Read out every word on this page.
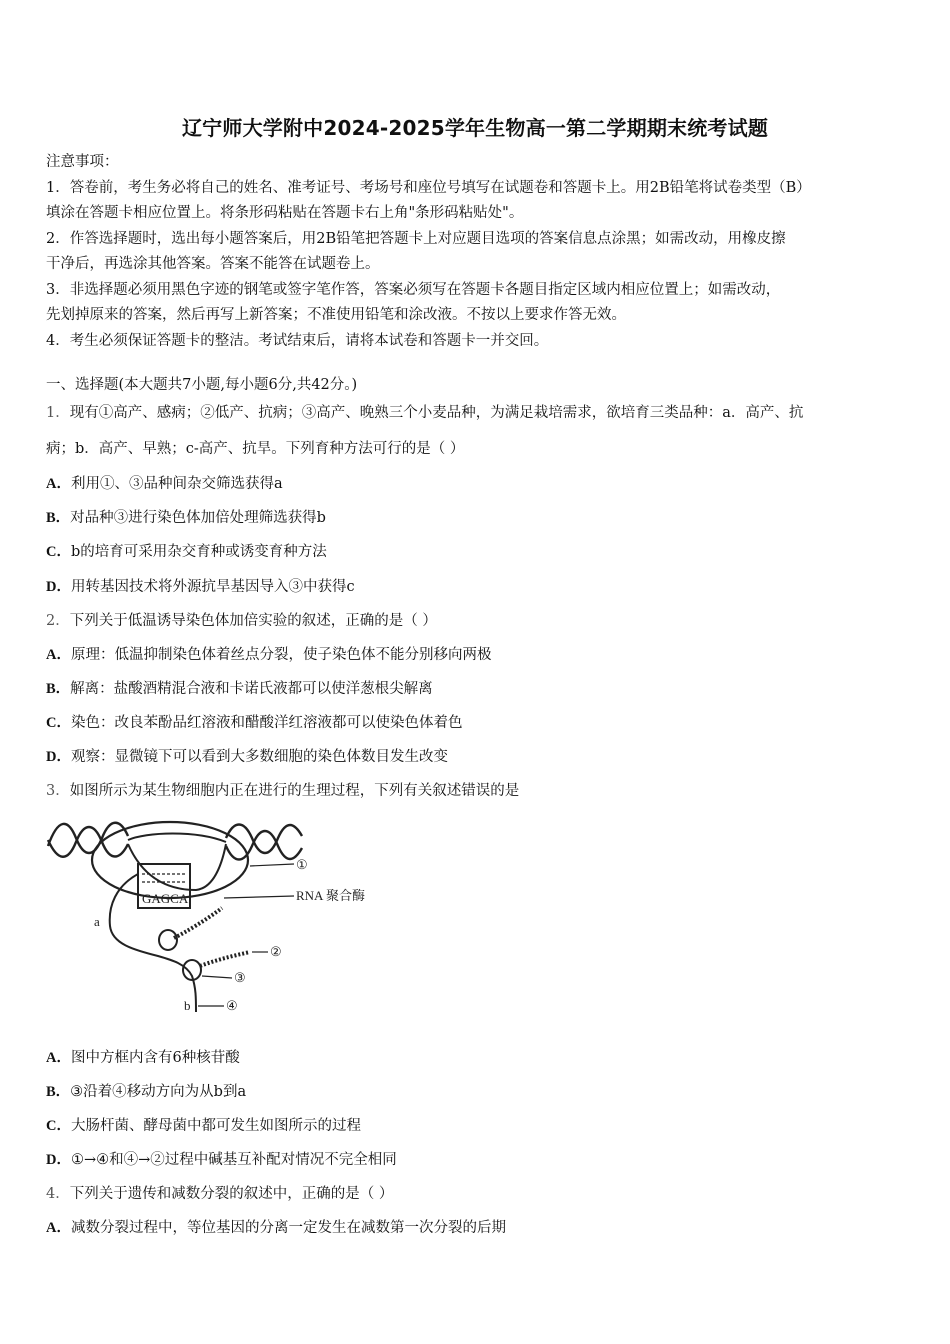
辽宁师大学附中2024-2025学年生物高一第二学期期末统考试题

注意事项：

1．答卷前，考生务必将自己的姓名、准考证号、考场号和座位号填写在试题卷和答题卡上。用2B铅笔将试卷类型（B）

填涂在答题卡相应位置上。将条形码粘贴在答题卡右上角"条形码粘贴处"。

2．作答选择题时，选出每小题答案后，用2B铅笔把答题卡上对应题目选项的答案信息点涂黑；如需改动，用橡皮擦

干净后，再选涂其他答案。答案不能答在试题卷上。

3．非选择题必须用黑色字迹的钢笔或签字笔作答，答案必须写在答题卡各题目指定区域内相应位置上；如需改动，

先划掉原来的答案，然后再写上新答案；不准使用铅笔和涂改液。不按以上要求作答无效。

4．考生必须保证答题卡的整洁。考试结束后，请将本试卷和答题卡一并交回。

一、选择题(本大题共7小题,每小题6分,共42分。)
1．现有①高产、感病；②低产、抗病；③高产、晚熟三个小麦品种，为满足栽培需求，欲培育三类品种：a．高产、抗
病；b．高产、早熟；c-高产、抗旱。下列育种方法可行的是（ ）
A．利用①、③品种间杂交筛选获得a
B．对品种③进行染色体加倍处理筛选获得b
C．b的培育可采用杂交育种或诱变育种方法
D．用转基因技术将外源抗旱基因导入③中获得c
2．下列关于低温诱导染色体加倍实验的叙述，正确的是（ ）
A．原理：低温抑制染色体着丝点分裂，使子染色体不能分别移向两极
B．解离：盐酸酒精混合液和卡诺氏液都可以使洋葱根尖解离
C．染色：改良苯酚品红溶液和醋酸洋红溶液都可以使染色体着色
D．观察：显微镜下可以看到大多数细胞的染色体数目发生改变
3．如图所示为某生物细胞内正在进行的生理过程，下列有关叙述错误的是
GAGCA
①
RNA 聚合酶
a
②
③
b	④
A．图中方框内含有6种核苷酸
B．③沿着④移动方向为从b到a
C．大肠杆菌、酵母菌中都可发生如图所示的过程
D．①→④和④→②过程中碱基互补配对情况不完全相同
4．下列关于遗传和减数分裂的叙述中，正确的是（ ）
A．减数分裂过程中，等位基因的分离一定发生在减数第一次分裂的后期
